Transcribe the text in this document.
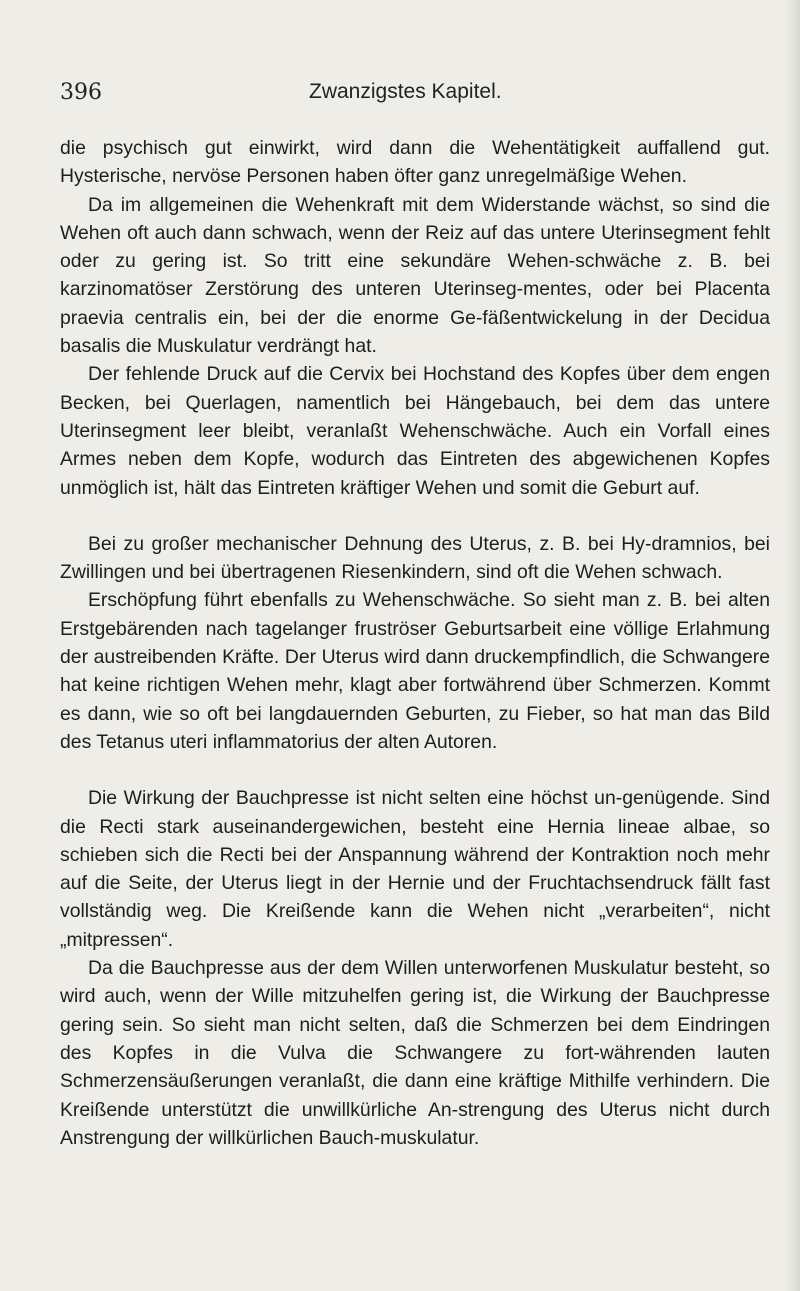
396	Zwanzigstes Kapitel.

die psychisch gut einwirkt, wird dann die Wehentätigkeit auffallend gut. Hysterische, nervöse Personen haben öfter ganz unregelmäßige Wehen.

Da im allgemeinen die Wehenkraft mit dem Widerstande wächst, so sind die Wehen oft auch dann schwach, wenn der Reiz auf das untere Uterinsegment fehlt oder zu gering ist. So tritt eine sekundäre Wehen-schwäche z. B. bei karzinomatöser Zerstörung des unteren Uterinseg-mentes, oder bei Placenta praevia centralis ein, bei der die enorme Ge-fäßentwickelung in der Decidua basalis die Muskulatur verdrängt hat.

Der fehlende Druck auf die Cervix bei Hochstand des Kopfes über dem engen Becken, bei Querlagen, namentlich bei Hängebauch, bei dem das untere Uterinsegment leer bleibt, veranlaßt Wehenschwäche. Auch ein Vorfall eines Armes neben dem Kopfe, wodurch das Eintreten des abgewichenen Kopfes unmöglich ist, hält das Eintreten kräftiger Wehen und somit die Geburt auf.

Bei zu großer mechanischer Dehnung des Uterus, z. B. bei Hy-dramnios, bei Zwillingen und bei übertragenen Riesenkindern, sind oft die Wehen schwach.

Erschöpfung führt ebenfalls zu Wehenschwäche. So sieht man z. B. bei alten Erstgebärenden nach tagelanger fruströser Geburtsarbeit eine völlige Erlahmung der austreibenden Kräfte. Der Uterus wird dann druckempfindlich, die Schwangere hat keine richtigen Wehen mehr, klagt aber fortwährend über Schmerzen. Kommt es dann, wie so oft bei langdauernden Geburten, zu Fieber, so hat man das Bild des Tetanus uteri inflammatorius der alten Autoren.

Die Wirkung der Bauchpresse ist nicht selten eine höchst un-genügende. Sind die Recti stark auseinandergewichen, besteht eine Hernia lineae albae, so schieben sich die Recti bei der Anspannung während der Kontraktion noch mehr auf die Seite, der Uterus liegt in der Hernie und der Fruchtachsendruck fällt fast vollständig weg. Die Kreißende kann die Wehen nicht „verarbeiten“, nicht „mitpressen“.

Da die Bauchpresse aus der dem Willen unterworfenen Muskulatur besteht, so wird auch, wenn der Wille mitzuhelfen gering ist, die Wirkung der Bauchpresse gering sein. So sieht man nicht selten, daß die Schmerzen bei dem Eindringen des Kopfes in die Vulva die Schwangere zu fort-währenden lauten Schmerzensäußerungen veranlaßt, die dann eine kräftige Mithilfe verhindern. Die Kreißende unterstützt die unwillkürliche An-strengung des Uterus nicht durch Anstrengung der willkürlichen Bauch-muskulatur.
